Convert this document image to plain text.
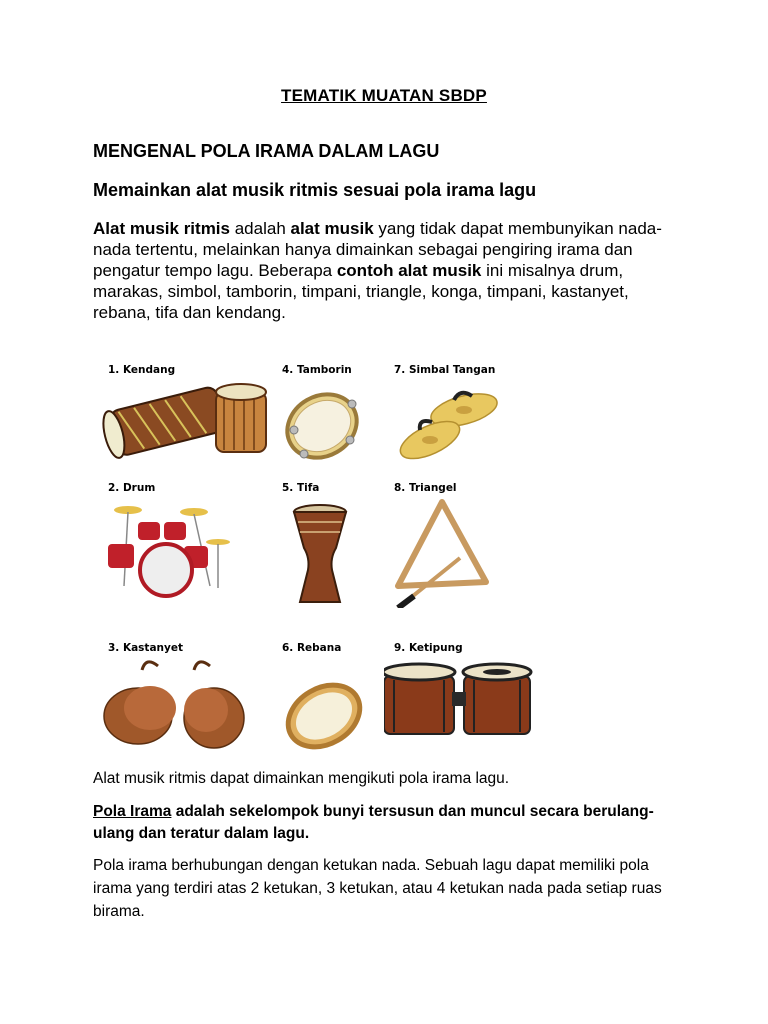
TEMATIK MUATAN SBDP
MENGENAL POLA IRAMA DALAM LAGU
Memainkan alat musik ritmis sesuai pola irama lagu
Alat musik ritmis adalah alat musik yang tidak dapat membunyikan nada-nada tertentu, melainkan hanya dimainkan sebagai pengiring irama dan pengatur tempo lagu. Beberapa contoh alat musik ini misalnya drum, marakas, simbol, tamborin, timpani, triangle, konga, timpani, kastanyet, rebana, tifa dan kendang.
1. Kendang	4. Tamborin	7. Simbal Tangan
2. Drum	5. Tifa	8. Triangel
3. Kastanyet	6. Rebana	9. Ketipung
Alat musik ritmis dapat dimainkan mengikuti pola irama lagu.
Pola Irama adalah sekelompok bunyi tersusun dan muncul secara berulang-ulang dan teratur dalam lagu.
Pola irama berhubungan dengan ketukan nada. Sebuah lagu dapat memiliki pola irama yang terdiri atas 2 ketukan, 3 ketukan, atau 4 ketukan nada pada setiap ruas birama.
